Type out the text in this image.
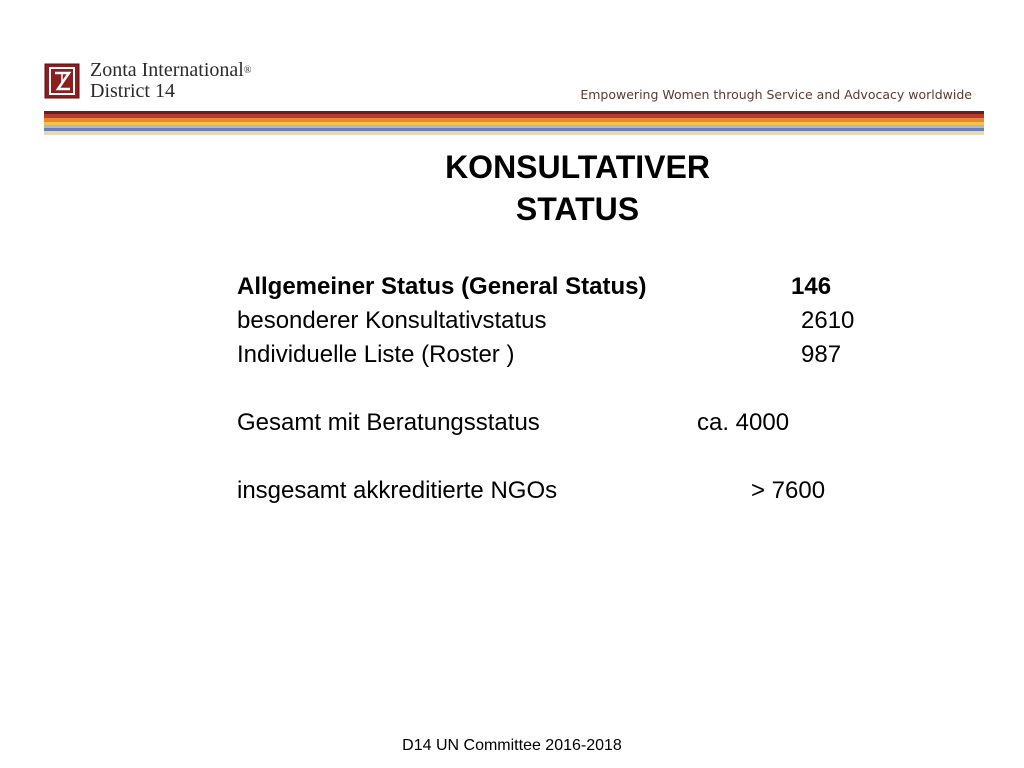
Zonta International®
District 14	Empowering Women through Service and Advocacy worldwide
KONSULTATIVER
STATUS
Allgemeiner Status (General Status)	146
besonderer Konsultativstatus	2610
Individuelle Liste (Roster )	987
Gesamt mit Beratungsstatus	ca. 4000
insgesamt akkreditierte NGOs	> 7600
D14 UN Committee 2016-2018
